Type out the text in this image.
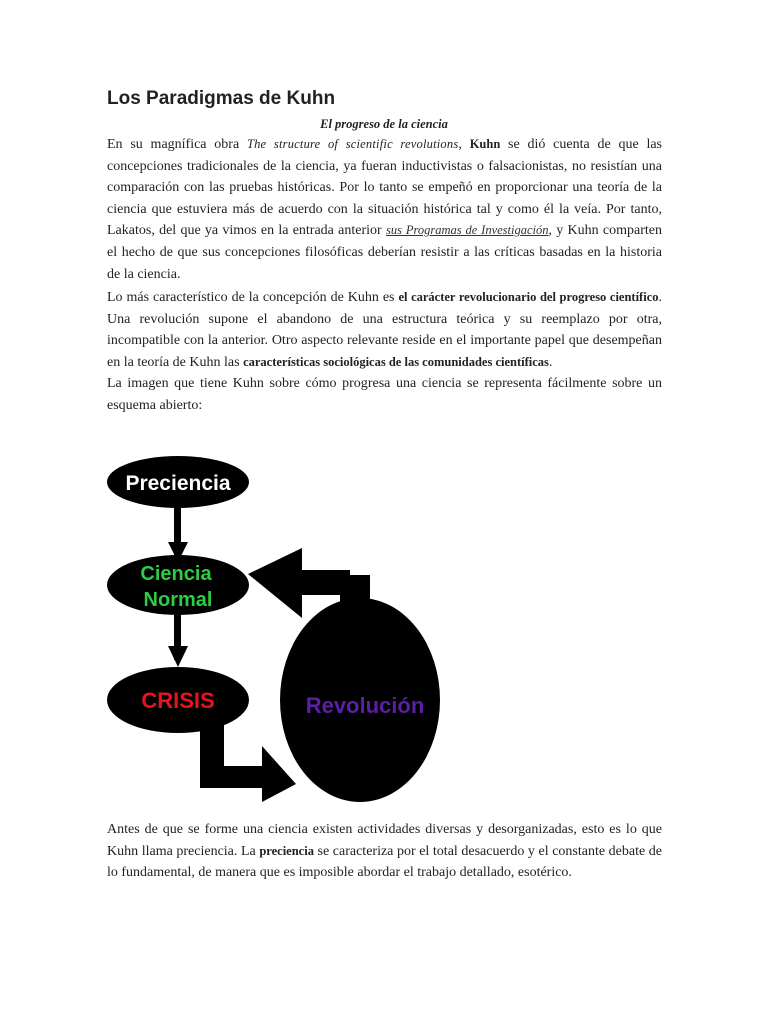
Los Paradigmas de Kuhn
El progreso de la ciencia

En su magnífica obra The structure of scientific revolutions, Kuhn se dió cuenta de que las concepciones tradicionales de la ciencia, ya fueran inductivistas o falsacionistas, no resistían una comparación con las pruebas históricas. Por lo tanto se empeñó en proporcionar una teoría de la ciencia que estuviera más de acuerdo con la situación histórica tal y como él la veía. Por tanto, Lakatos, del que ya vimos en la entrada anterior sus Programas de Investigación, y Kuhn comparten el hecho de que sus concepciones filosóficas deberían resistir a las críticas basadas en la historia de la ciencia.

Lo más característico de la concepción de Kuhn es el carácter revolucionario del progreso científico. Una revolución supone el abandono de una estructura teórica y su reemplazo por otra, incompatible con la anterior. Otro aspecto relevante reside en el importante papel que desempeñan en la teoría de Kuhn las características sociológicas de las comunidades científicas.

La imagen que tiene Kuhn sobre cómo progresa una ciencia se representa fácilmente sobre un esquema abierto:

Preciencia
Ciencia
Normal
CRISIS	Revolución

Antes de que se forme una ciencia existen actividades diversas y desorganizadas, esto es lo que Kuhn llama preciencia. La preciencia se caracteriza por el total desacuerdo y el constante debate de lo fundamental, de manera que es imposible abordar el trabajo detallado, esotérico.
